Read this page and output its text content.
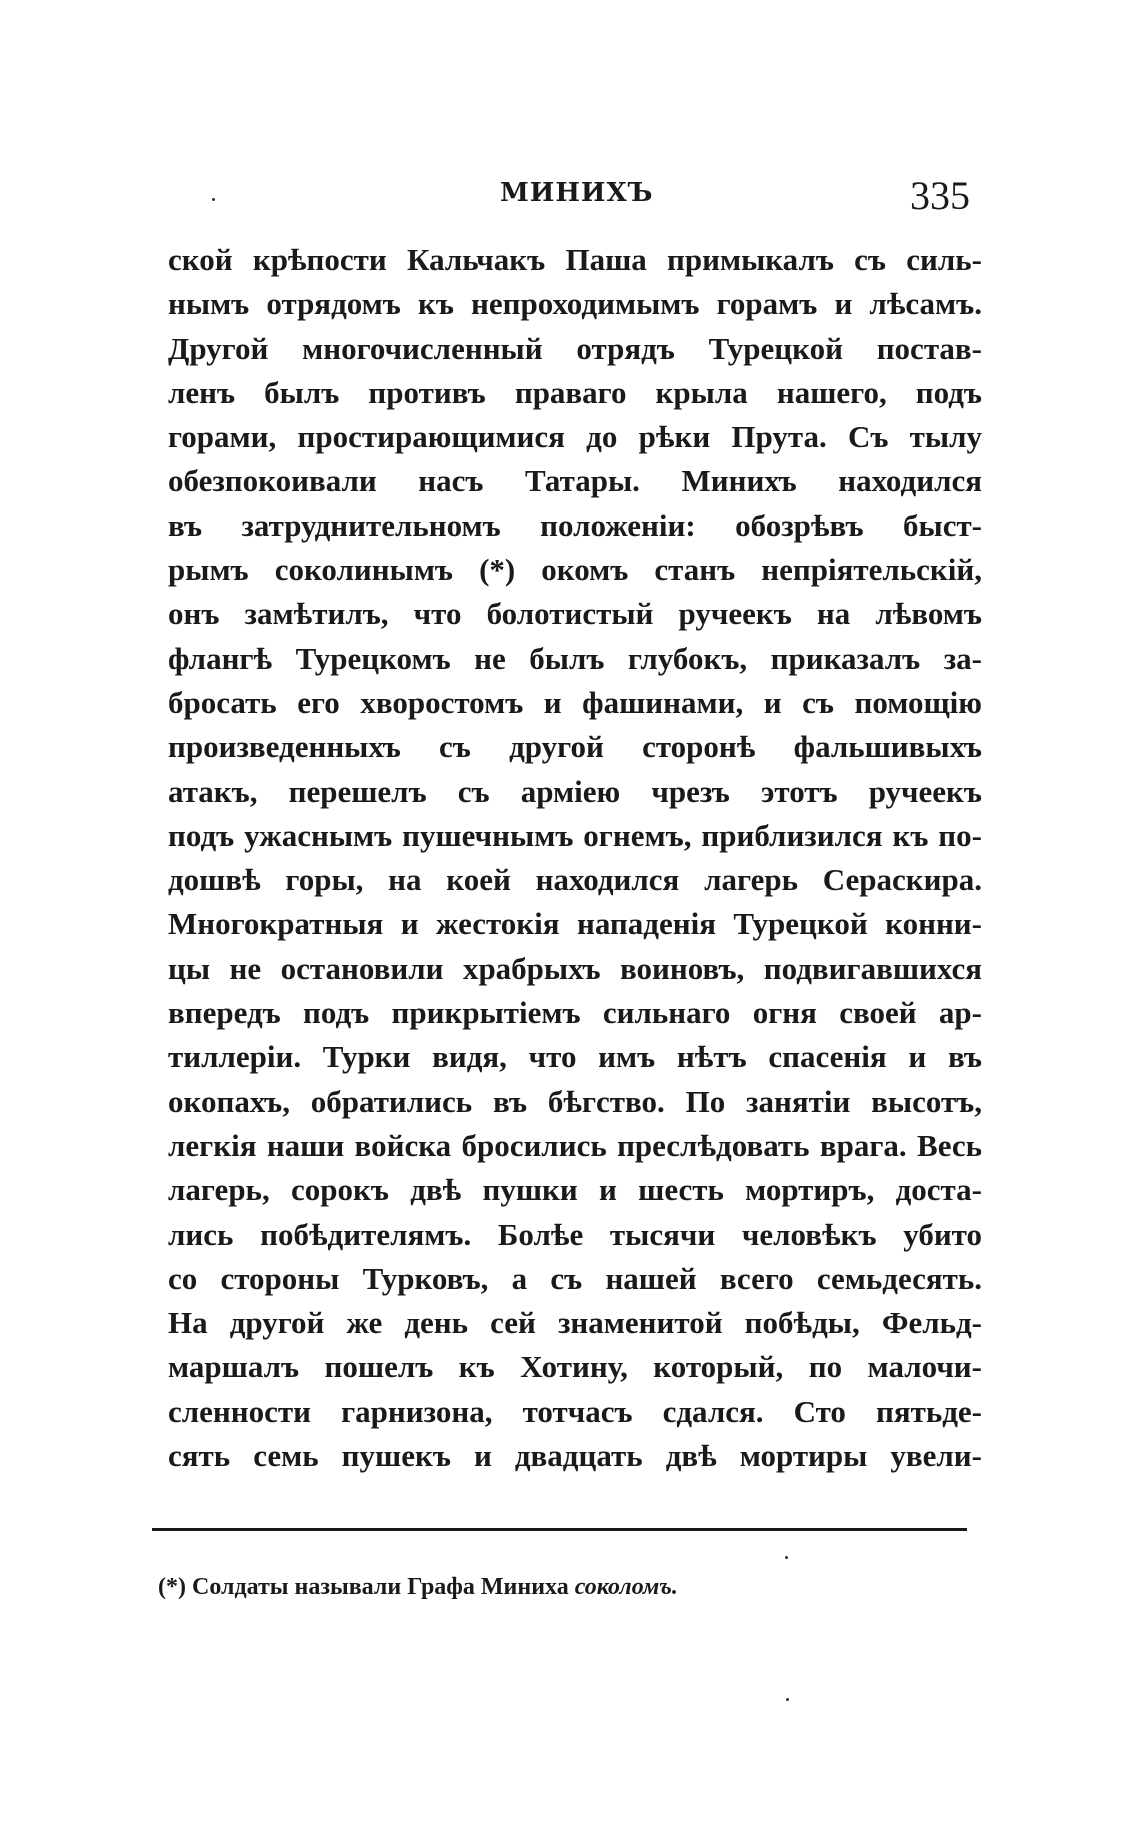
МИНИХЪ	335
ской крѣпости Кальчакъ Паша примыкалъ съ силь-
нымъ отрядомъ къ непроходимымъ горамъ и лѣсамъ.
Другой многочисленный отрядъ Турецкой постав-
ленъ былъ противъ праваго крыла нашего, подъ
горами, простирающимися до рѣки Прута. Съ тылу
обезпокоивали насъ Татары. Минихъ находился
въ затруднительномъ положеніи: обозрѣвъ быст-
рымъ соколинымъ (*) окомъ станъ непріятельскій,
онъ замѣтилъ, что болотистый ручеекъ на лѣвомъ
флангѣ Турецкомъ не былъ глубокъ, приказалъ за-
бросать его хворостомъ и фашинами, и съ помощію
произведенныхъ съ другой сторонѣ фальшивыхъ
атакъ, перешелъ съ арміею чрезъ этотъ ручеекъ
подъ ужаснымъ пушечнымъ огнемъ, приблизился къ по-
дошвѣ горы, на коей находился лагерь Сераскира.
Многократныя и жестокія нападенія Турецкой конни-
цы не остановили храбрыхъ воиновъ, подвигавшихся
впередъ подъ прикрытіемъ сильнаго огня своей ар-
тиллеріи. Турки видя, что имъ нѣтъ спасенія и въ
окопахъ, обратились въ бѣгство. По занятіи высотъ,
легкія наши войска бросились преслѣдовать врага. Весь
лагерь, сорокъ двѣ пушки и шесть мортиръ, доста-
лись побѣдителямъ. Болѣе тысячи человѣкъ убито
со стороны Турковъ, а съ нашей всего семьдесять.
На другой же день сей знаменитой побѣды, Фельд-
маршалъ пошелъ къ Хотину, который, по малочи-
сленности гарнизона, тотчасъ сдался. Сто пятьде-
сять семь пушекъ и двадцать двѣ мортиры увели-
(*) Солдаты называли Графа Миниха соколомъ.
